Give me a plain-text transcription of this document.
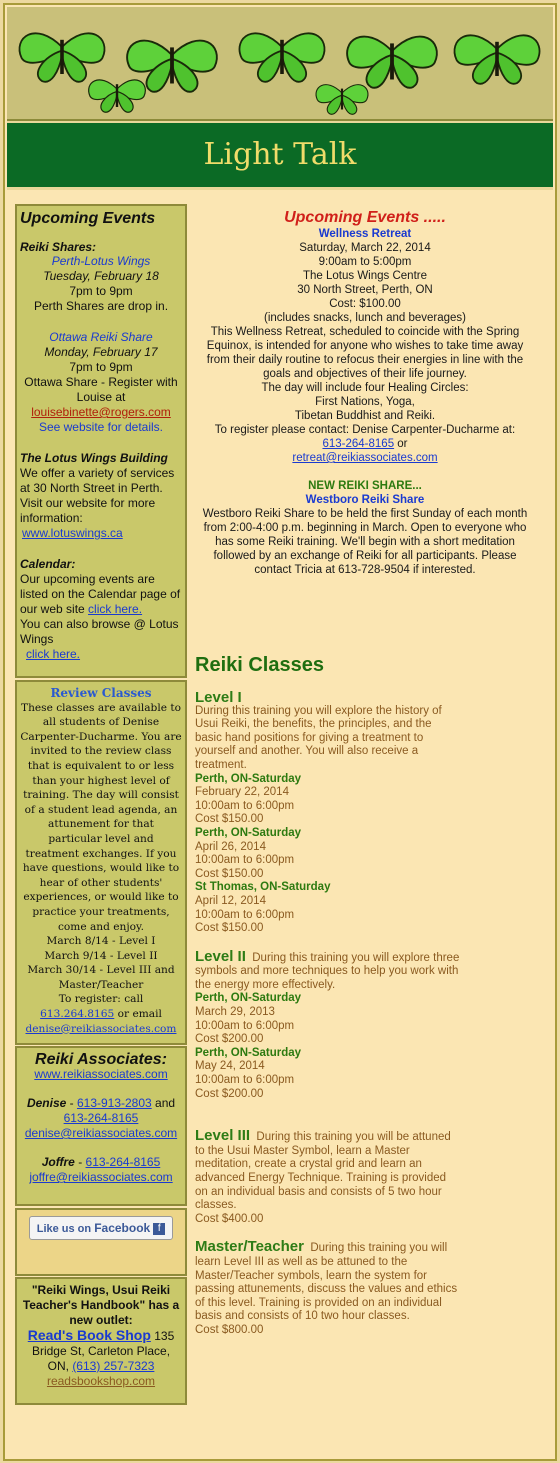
Light Talk
Upcoming Events
Reiki Shares:
Perth-Lotus Wings
Tuesday, February 18
7pm to 9pm
Perth Shares are drop in.
Ottawa Reiki Share
Monday, February 17
7pm to 9pm
Ottawa Share - Register with Louise at
louisebinette@rogers.com
See website for details.
The Lotus Wings Building
We offer a variety of services at 30 North Street in Perth. Visit our website for more information:
www.lotuswings.ca
Calendar:
Our upcoming events are listed on the Calendar page of our web site click here.
You can also browse @ Lotus Wings
click here.
Review Classes
These classes are available to all students of Denise Carpenter-Ducharme. You are invited to the review class that is equivalent to or less than your highest level of training. The day will consist of a student lead agenda, an attunement for that particular level and treatment exchanges. If you have questions, would like to hear of other students' experiences, or would like to practice your treatments, come and enjoy.
March 8/14 - Level I
March 9/14 - Level II
March 30/14 - Level III and Master/Teacher
To register: call
613.264.8165 or email
denise@reikiassociates.com
Reiki Associates:
www.reikiassociates.com
Denise - 613-913-2803 and
613-264-8165
denise@reikiassociates.com
Joffre - 613-264-8165
joffre@reikiassociates.com
Like us on Facebook f
"Reiki Wings, Usui Reiki Teacher's Handbook" has a new outlet:
Read's Book Shop 135 Bridge St, Carleton Place, ON, (613) 257-7323
readsbookshop.com
Upcoming Events .....
Wellness Retreat
Saturday, March 22, 2014
9:00am to 5:00pm
The Lotus Wings Centre
30 North Street, Perth, ON
Cost: $100.00
(includes snacks, lunch and beverages)
This Wellness Retreat, scheduled to coincide with the Spring Equinox, is intended for anyone who wishes to take time away from their daily routine to refocus their energies in line with the goals and objectives of their life journey.
The day will include four Healing Circles:
First Nations, Yoga,
Tibetan Buddhist and Reiki.
To register please contact: Denise Carpenter-Ducharme at:
613-264-8165 or
retreat@reikiassociates.com
NEW REIKI SHARE...
Westboro Reiki Share
Westboro Reiki Share to be held the first Sunday of each month from 2:00-4:00 p.m. beginning in March. Open to everyone who has some Reiki training. We'll begin with a short meditation followed by an exchange of Reiki for all participants. Please contact Tricia at 613-728-9504 if interested.
Reiki Classes
Level I
During this training you will explore the history of Usui Reiki, the benefits, the principles, and the basic hand positions for giving a treatment to yourself and another. You will also receive a treatment.
Perth, ON-Saturday
February 22, 2014
10:00am to 6:00pm
Cost $150.00
Perth, ON-Saturday
April 26, 2014
10:00am to 6:00pm
Cost $150.00
St Thomas, ON-Saturday
April 12, 2014
10:00am to 6:00pm
Cost $150.00
Level II During this training you will explore three symbols and more techniques to help you work with the energy more effectively.
Perth, ON-Saturday
March 29, 2013
10:00am to 6:00pm
Cost $200.00
Perth, ON-Saturday
May 24, 2014
10:00am to 6:00pm
Cost $200.00
Level III During this training you will be attuned to the Usui Master Symbol, learn a Master meditation, create a crystal grid and learn an advanced Energy Technique. Training is provided on an individual basis and consists of 5 two hour classes.
Cost $400.00
Master/Teacher During this training you will learn Level III as well as be attuned to the Master/Teacher symbols, learn the system for passing attunements, discuss the values and ethics of this level. Training is provided on an individual basis and consists of 10 two hour classes.
Cost $800.00
